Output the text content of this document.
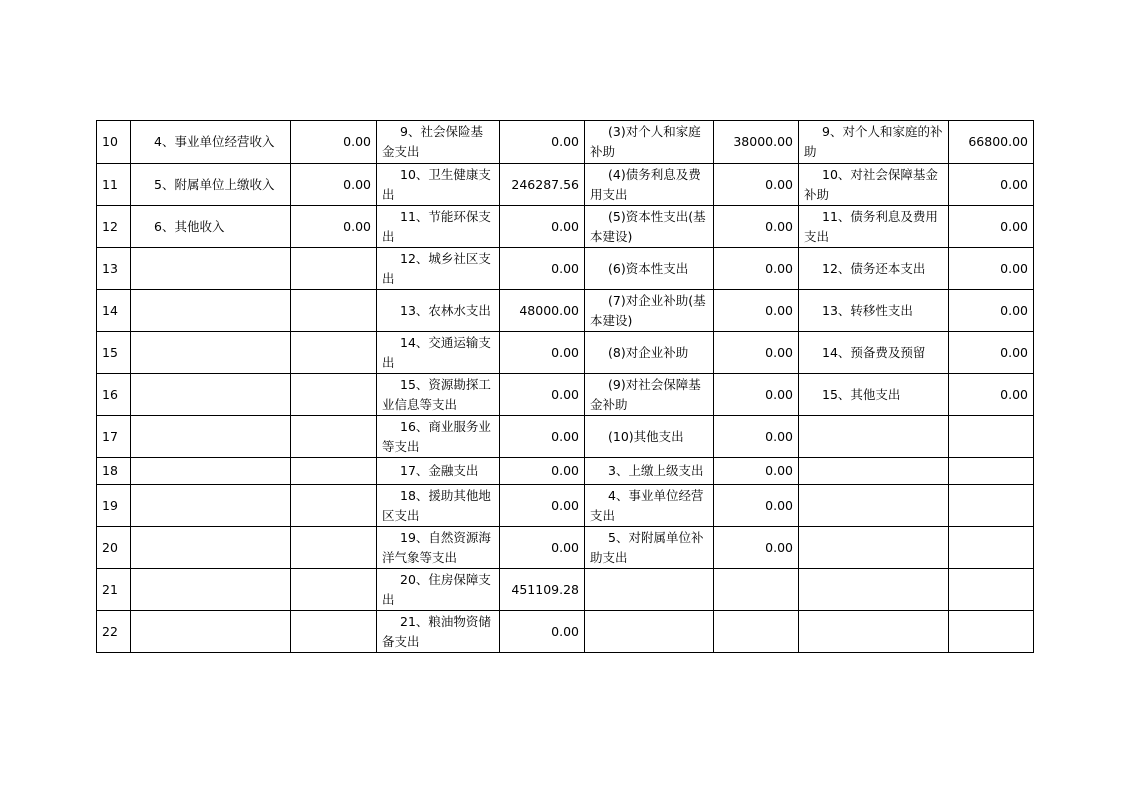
10	4、事业单位经营收入	0.00	9、社会保险基金支出	0.00	(3)对个人和家庭补助	38000.00	9、对个人和家庭的补助	66800.00
11	5、附属单位上缴收入	0.00	10、卫生健康支出	246287.56	(4)债务利息及费用支出	0.00	10、对社会保障基金补助	0.00
12	6、其他收入	0.00	11、节能环保支出	0.00	(5)资本性支出(基本建设)	0.00	11、债务利息及费用支出	0.00
13			12、城乡社区支出	0.00	(6)资本性支出	0.00	12、债务还本支出	0.00
14			13、农林水支出	48000.00	(7)对企业补助(基本建设)	0.00	13、转移性支出	0.00
15			14、交通运输支出	0.00	(8)对企业补助	0.00	14、预备费及预留	0.00
16			15、资源勘探工业信息等支出	0.00	(9)对社会保障基金补助	0.00	15、其他支出	0.00
17			16、商业服务业等支出	0.00	(10)其他支出	0.00		
18			17、金融支出	0.00	3、上缴上级支出	0.00		
19			18、援助其他地区支出	0.00	4、事业单位经营支出	0.00		
20			19、自然资源海洋气象等支出	0.00	5、对附属单位补助支出	0.00		
21			20、住房保障支出	451109.28				
22			21、粮油物资储备支出	0.00				
